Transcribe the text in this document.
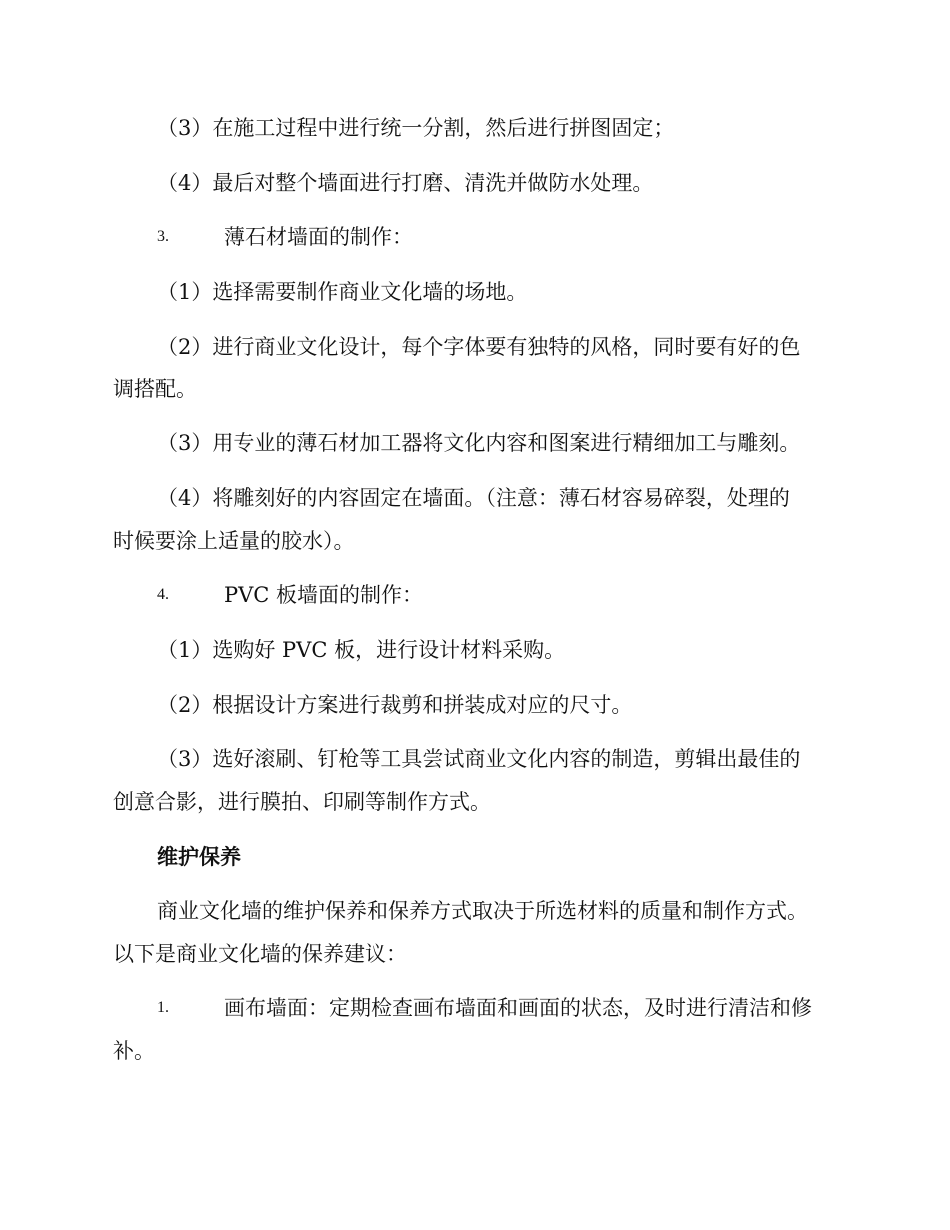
（3）在施工过程中进行统一分割，然后进行拼图固定；
（4）最后对整个墙面进行打磨、清洗并做防水处理。
3.	薄石材墙面的制作：
（1）选择需要制作商业文化墙的场地。
（2）进行商业文化设计，每个字体要有独特的风格，同时要有好的色
调搭配。
（3）用专业的薄石材加工器将文化内容和图案进行精细加工与雕刻。
（4）将雕刻好的内容固定在墙面。（注意：薄石材容易碎裂，处理的
时候要涂上适量的胶水）。
4.	PVC 板墙面的制作：
（1）选购好 PVC 板，进行设计材料采购。
（2）根据设计方案进行裁剪和拼装成对应的尺寸。
（3）选好滚刷、钉枪等工具尝试商业文化内容的制造，剪辑出最佳的
创意合影，进行膜拍、印刷等制作方式。
维护保养
商业文化墙的维护保养和保养方式取决于所选材料的质量和制作方式。
以下是商业文化墙的保养建议：
1.	画布墙面：定期检查画布墙面和画面的状态，及时进行清洁和修
补。
